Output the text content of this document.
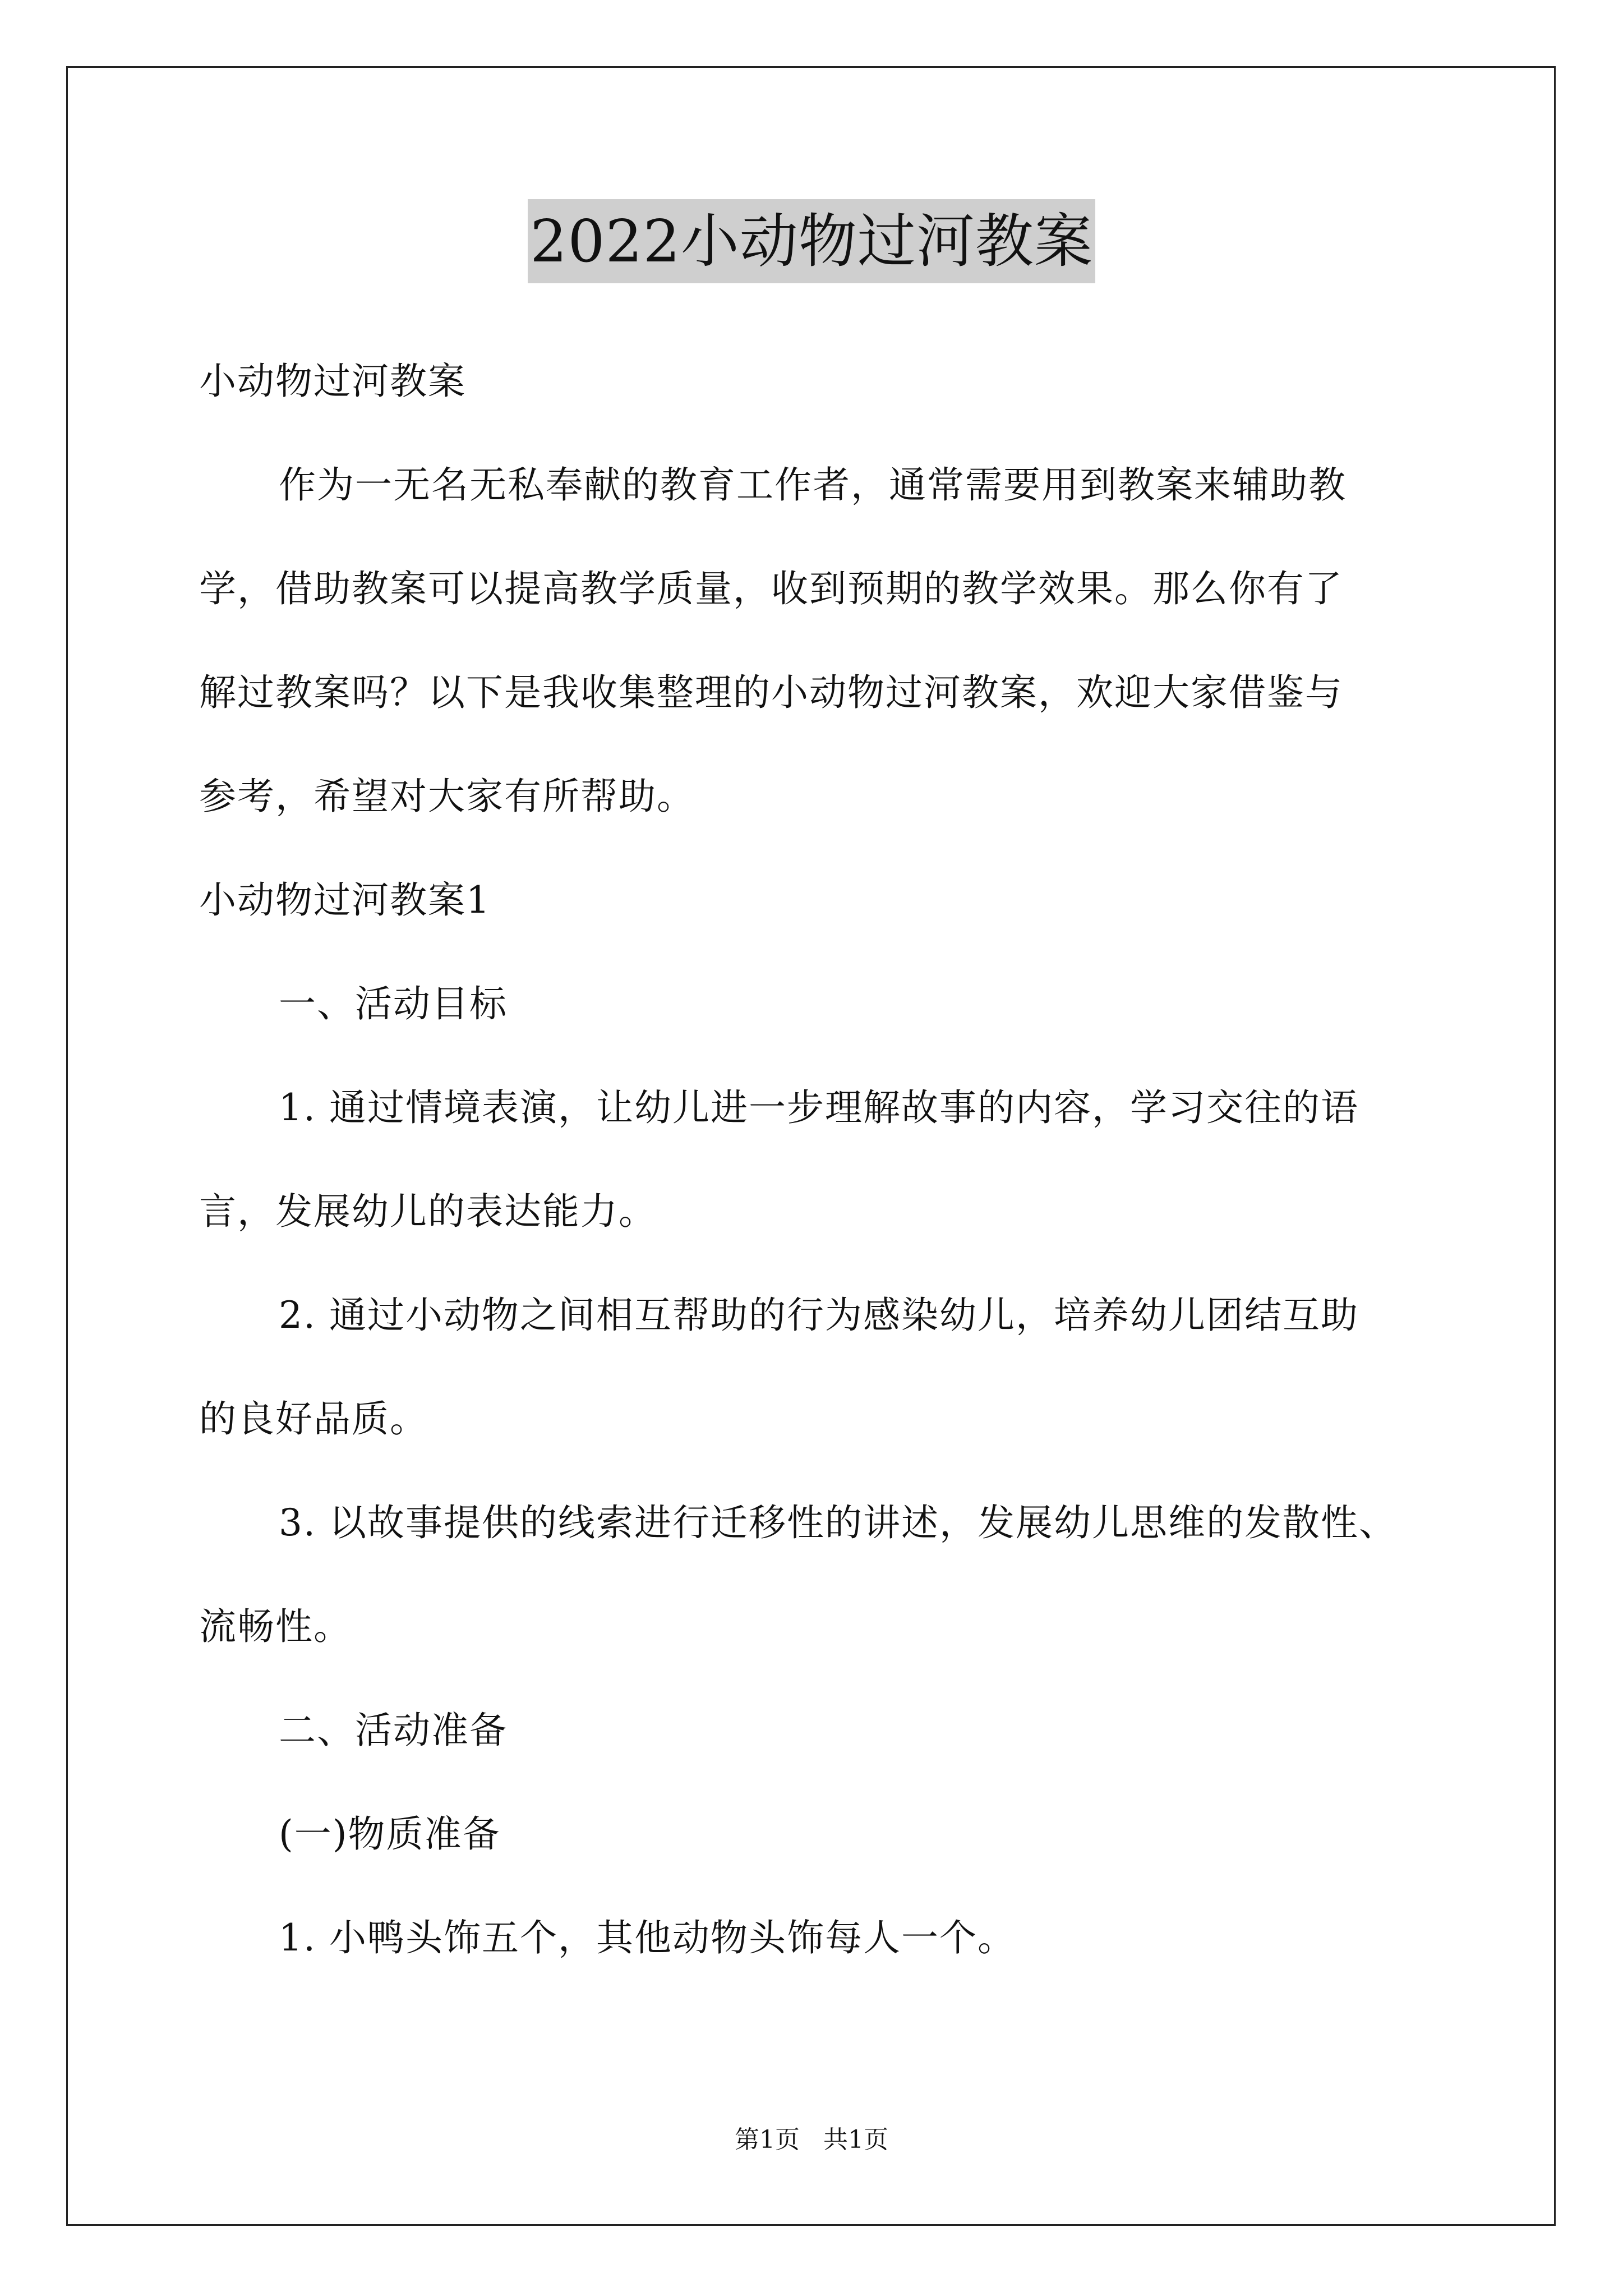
2022小动物过河教案
小动物过河教案
作为一无名无私奉献的教育工作者，通常需要用到教案来辅助教
学，借助教案可以提高教学质量，收到预期的教学效果。那么你有了
解过教案吗？以下是我收集整理的小动物过河教案，欢迎大家借鉴与
参考，希望对大家有所帮助。
小动物过河教案1
一、活动目标
1. 通过情境表演，让幼儿进一步理解故事的内容，学习交往的语
言，发展幼儿的表达能力。
2. 通过小动物之间相互帮助的行为感染幼儿，培养幼儿团结互助
的良好品质。
3. 以故事提供的线索进行迁移性的讲述，发展幼儿思维的发散性、
流畅性。
二、活动准备
(一)物质准备
1. 小鸭头饰五个，其他动物头饰每人一个。
第1页 共1页
